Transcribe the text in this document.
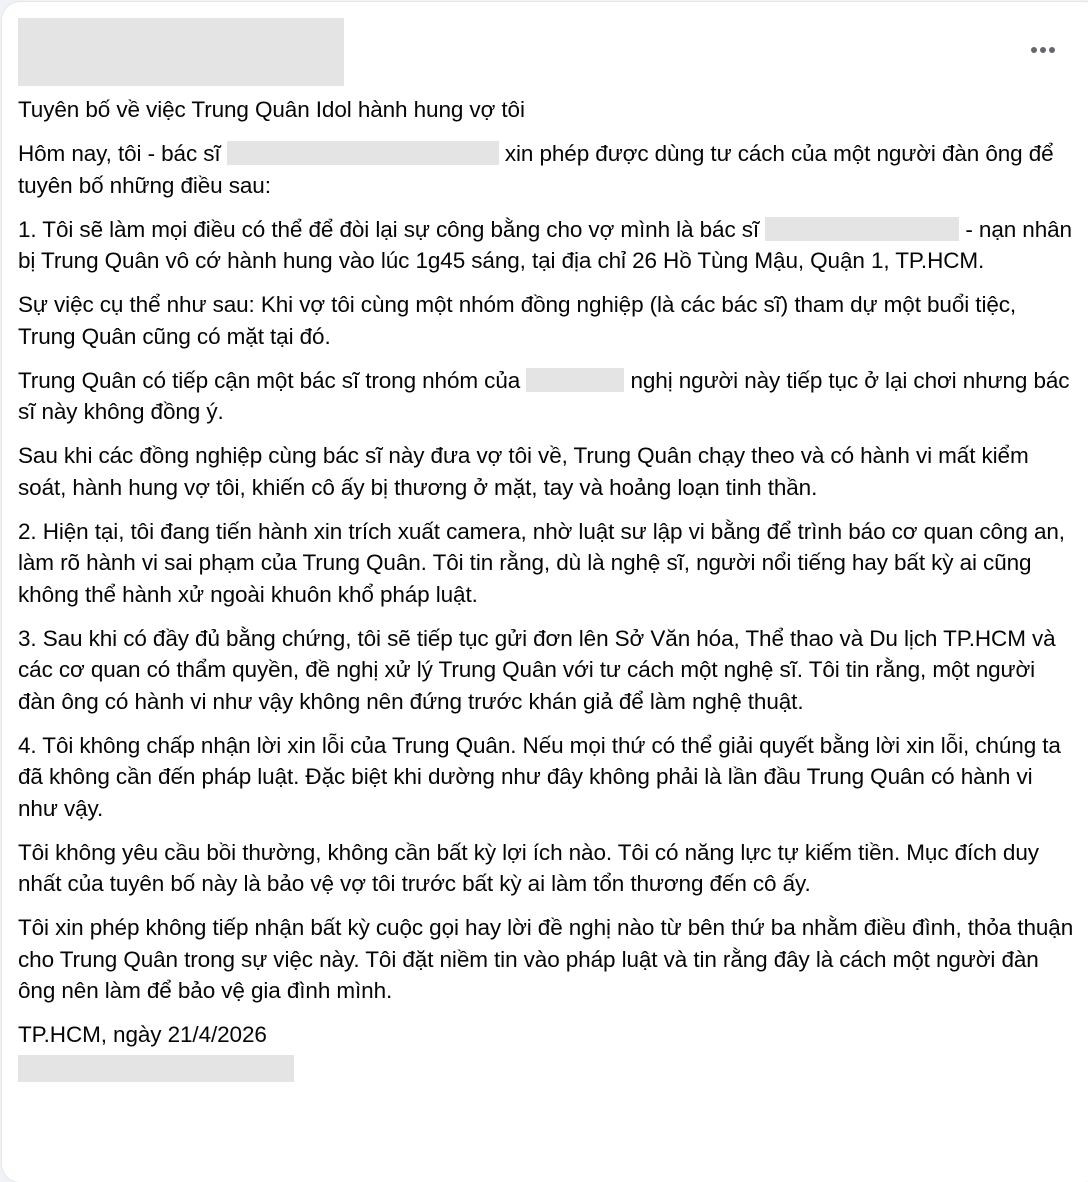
Tuyên bố về việc Trung Quân Idol hành hung vợ tôi

Hôm nay, tôi - bác sĩ	xin phép được dùng tư cách của một người đàn ông để tuyên bố những điều sau:

1. Tôi sẽ làm mọi điều có thể để đòi lại sự công bằng cho vợ mình là bác sĩ	- nạn nhân bị Trung Quân vô cớ hành hung vào lúc 1g45 sáng, tại địa chỉ 26 Hồ Tùng Mậu, Quận 1, TP.HCM.

Sự việc cụ thể như sau: Khi vợ tôi cùng một nhóm đồng nghiệp (là các bác sĩ) tham dự một buổi tiệc, Trung Quân cũng có mặt tại đó.

Trung Quân có tiếp cận một bác sĩ trong nhóm của	nghị người này tiếp tục ở lại chơi nhưng bác sĩ này không đồng ý.

Sau khi các đồng nghiệp cùng bác sĩ này đưa vợ tôi về, Trung Quân chạy theo và có hành vi mất kiểm soát, hành hung vợ tôi, khiến cô ấy bị thương ở mặt, tay và hoảng loạn tinh thần.

2. Hiện tại, tôi đang tiến hành xin trích xuất camera, nhờ luật sư lập vi bằng để trình báo cơ quan công an, làm rõ hành vi sai phạm của Trung Quân. Tôi tin rằng, dù là nghệ sĩ, người nổi tiếng hay bất kỳ ai cũng không thể hành xử ngoài khuôn khổ pháp luật.

3. Sau khi có đầy đủ bằng chứng, tôi sẽ tiếp tục gửi đơn lên Sở Văn hóa, Thể thao và Du lịch TP.HCM và các cơ quan có thẩm quyền, đề nghị xử lý Trung Quân với tư cách một nghệ sĩ. Tôi tin rằng, một người đàn ông có hành vi như vậy không nên đứng trước khán giả để làm nghệ thuật.

4. Tôi không chấp nhận lời xin lỗi của Trung Quân. Nếu mọi thứ có thể giải quyết bằng lời xin lỗi, chúng ta đã không cần đến pháp luật. Đặc biệt khi dường như đây không phải là lần đầu Trung Quân có hành vi như vậy.

Tôi không yêu cầu bồi thường, không cần bất kỳ lợi ích nào. Tôi có năng lực tự kiếm tiền. Mục đích duy nhất của tuyên bố này là bảo vệ vợ tôi trước bất kỳ ai làm tổn thương đến cô ấy.

Tôi xin phép không tiếp nhận bất kỳ cuộc gọi hay lời đề nghị nào từ bên thứ ba nhằm điều đình, thỏa thuận cho Trung Quân trong sự việc này. Tôi đặt niềm tin vào pháp luật và tin rằng đây là cách một người đàn ông nên làm để bảo vệ gia đình mình.

TP.HCM, ngày 21/4/2026
